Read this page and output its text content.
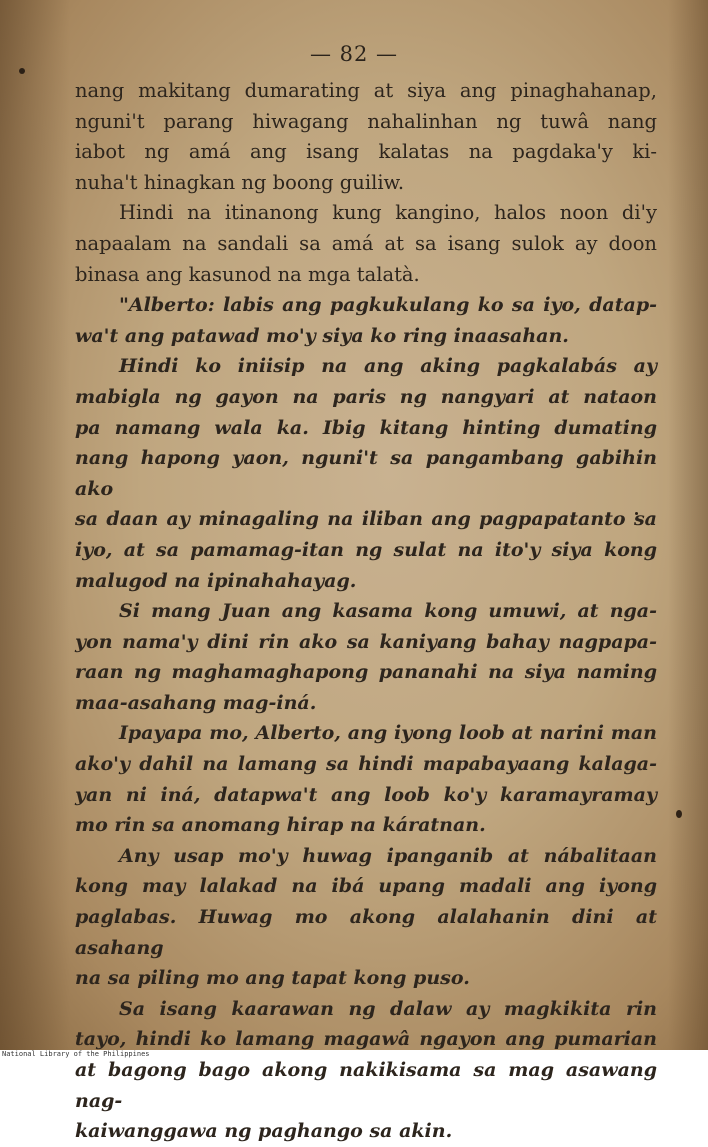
— 82 —
nang makitang dumarating at siya ang pinaghahanap,
nguni't parang hiwagang nahalinhan ng tuwâ nang
iabot ng amá ang isang kalatas na pagdaka'y ki-
nuha't hinagkan ng boong guiliw.
Hindi na itinanong kung kangino, halos noon di'y
napaalam na sandali sa amá at sa isang sulok ay doon
binasa ang kasunod na mga talatà.
"Alberto: labis ang pagkukulang ko sa iyo, datap-
wa't ang patawad mo'y siya ko ring inaasahan.
Hindi ko iniisip na ang aking pagkalabás ay
mabigla ng gayon na paris ng nangyari at nataon
pa namang wala ka. Ibig kitang hinting dumating
nang hapong yaon, nguni't sa pangambang gabihin ako
sa daan ay minagaling na iliban ang pagpapatanto sa
iyo, at sa pamamag-itan ng sulat na ito'y siya kong
malugod na ipinahahayag.
Si mang Juan ang kasama kong umuwi, at nga-
yon nama'y dini rin ako sa kaniyang bahay nagpapa-
raan ng maghamaghapong pananahi na siya naming
maa-asahang mag-iná.
Ipayapa mo, Alberto, ang iyong loob at narini man
ako'y dahil na lamang sa hindi mapabayaang kalaga-
yan ni iná, datapwa't ang loob ko'y karamayramay
mo rin sa anomang hirap na káratnan.
Any usap mo'y huwag ipanganib at nábalitaan
kong may lalakad na ibá upang madali ang iyong
paglabas. Huwag mo akong alalahanin dini at asahang
na sa piling mo ang tapat kong puso.
Sa isang kaarawan ng dalaw ay magkikita rin
tayo, hindi ko lamang magawâ ngayon ang pumarian
at bagong bago akong nakikisama sa mag asawang nag-
kaiwanggawa ng paghango sa akin.
National Library of the Philippines
